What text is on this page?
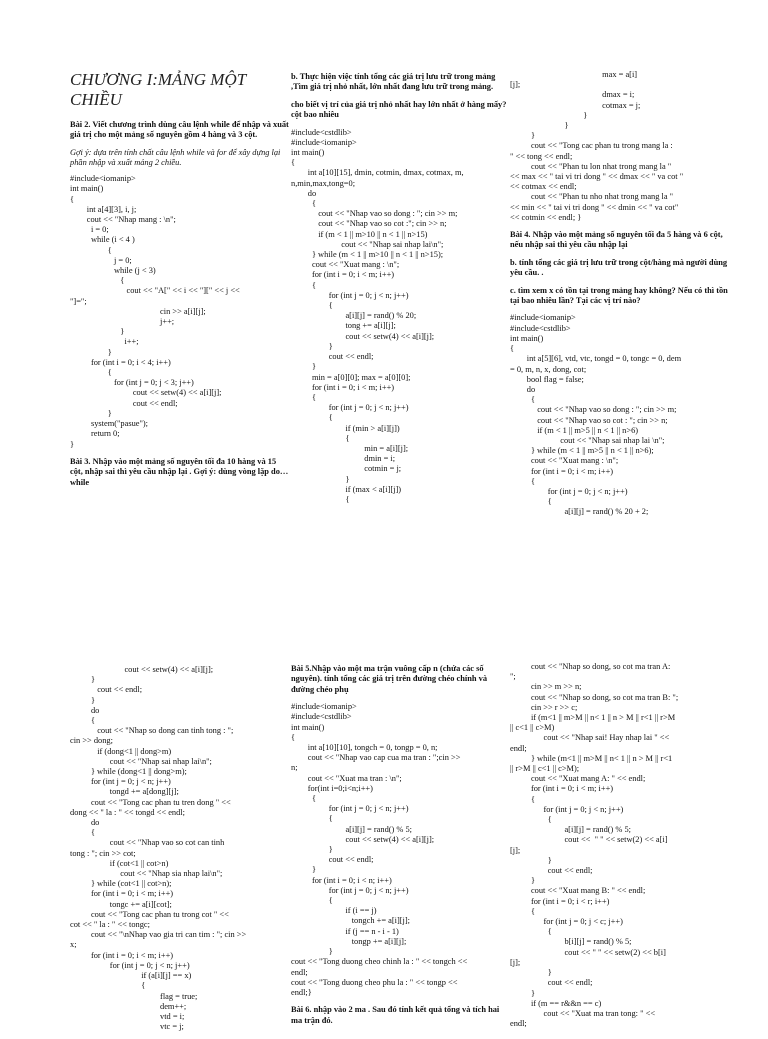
CHƯƠNG I:MẢNG MỘT CHIỀU
Bài 2. Viết chương trình dùng câu lệnh while để nhập và xuất giá trị cho một mảng số nguyên gồm 4 hàng và 3 cột.
Gợi ý: dựa trên tính chất câu lệnh while và for để xây dựng lại phần nhập và xuất mảng 2 chiều.
#include<iomanip>
int main()
{
int a[4][3], i, j;
cout << "Nhap mang : \n";
i = 0;
while (i < 4 )
{
j = 0;
while (j < 3)
{
cout << "A[" << i << "][" << j <<
"]=";
cin >> a[i][j];
j++;
}
i++;
}
for (int i = 0; i < 4; i++)
{
for (int j = 0; j < 3; j++)
cout << setw(4) << a[i][j];
cout << endl;
}
system("pasue");
return 0;
}
Bài 3. Nhập vào một mảng số nguyên tối đa 10 hàng và 15 cột, nhập sai thì yêu cầu nhập lại . Gợi ý: dùng vòng lặp do…while
b. Thực hiện việc tính tổng các giá trị lưu trữ trong mảng ,Tìm giá trị nhỏ nhất, lớn nhất đang lưu trữ trong mảng.
cho biết vị trí của giá trị nhỏ nhất hay lớn nhất ở hàng mấy? cột bao nhiêu
#include<cstdlib>
#include<iomanip>
int main()
{
int a[10][15], dmin, cotmin, dmax, cotmax, m,
n,min,max,tong=0;
do
{
cout << "Nhap vao so dong : "; cin >> m;
cout << "Nhap vao so cot :"; cin >> n;
if (m < 1 || m>10 || n < 1 || n>15)
cout << "Nhap sai nhap lai\n";
} while (m < 1 || m>10 || n < 1 || n>15);
cout << "Xuat mang : \n";
for (int i = 0; i < m; i++)
{
for (int j = 0; j < n; j++)
{
a[i][j] = rand() % 20;
tong += a[i][j];
cout << setw(4) << a[i][j];
}
cout << endl;
}
min = a[0][0]; max = a[0][0];
for (int i = 0; i < m; i++)
{
for (int j = 0; j < n; j++)
{
if (min > a[i][j])
{
min = a[i][j];
dmin = i;
cotmin = j;
}
if (max < a[i][j])
{
max = a[i]
[j];
dmax = i;
cotmax = j;
}
}
}
cout << "Tong cac phan tu trong mang la :
" << tong << endl;
cout << "Phan tu lon nhat trong mang la "
<< max << " tai vi tri dong " << dmax << " va cot "
<< cotmax << endl;
cout << "Phan tu nho nhat trong mang la "
<< min << " tai vi tri dong " << dmin << " va cot"
<< cotmin << endl; }
Bài 4. Nhập vào một mảng số nguyên tối đa 5 hàng và 6 cột, nếu nhập sai thì yêu cầu nhập lại
b. tính tổng các giá trị lưu trữ trong cột/hàng mà người dùng yêu cầu. .
c. tìm xem x có tồn tại trong mảng hay không? Nếu có thì tồn tại bao nhiêu lần? Tại các vị trí nào?
#include<iomanip>
#include<cstdlib>
int main()
{
int a[5][6], vtd, vtc, tongd = 0, tongc = 0, dem
= 0, m, n, x, dong, cot;
bool flag = false;
do
{
cout << "Nhap vao so dong : "; cin >> m;
cout << "Nhap vao so cot : "; cin >> n;
if (m < 1 || m>5 || n < 1 || n>6)
cout << "Nhap sai nhap lai \n";
} while (m < 1 || m>5 || n < 1 || n>6);
cout << "Xuat mang : \n";
for (int i = 0; i < m; i++)
{
for (int j = 0; j < n; j++)
{
a[i][j] = rand() % 20 + 2;
cout << setw(4) << a[i][j];
}
cout << endl;
}
do
{
cout << "Nhap so dong can tinh tong : ";
cin >> dong;
if (dong<1 || dong>m)
cout << "Nhap sai nhap lai\n";
} while (dong<1 || dong>m);
for (int j = 0; j < n; j++)
tongd += a[dong][j];
cout << "Tong cac phan tu tren dong " <<
dong << " la : " << tongd << endl;
do
{
cout << "Nhap vao so cot can tinh
tong : "; cin >> cot;
if (cot<1 || cot>n)
cout << "Nhap sia nhap lai\n";
} while (cot<1 || cot>n);
for (int i = 0; i < m; i++)
tongc += a[i][cot];
cout << "Tong cac phan tu trong cot " <<
cot << " la : " << tongc;
cout << "\nNhap vao gia tri can tim : "; cin >>
x;
for (int i = 0; i < m; i++)
for (int j = 0; j < n; j++)
if (a[i][j] == x)
{
flag = true;
dem++;
vtd = i;
vtc = j;
Bài 5.Nhập vào một ma trận vuông cấp n (chứa các số nguyên). tính tổng các giá trị trên đường chéo chính và đường chéo phụ
#include<iomanip>
#include<cstdlib>
int main()
{
int a[10][10], tongch = 0, tongp = 0, n;
cout << "Nhap vao cap cua ma tran : ";cin >>
n;
cout << "Xuat ma tran : \n";
for(int i=0;i<n;i++)
{
for (int j = 0; j < n; j++)
{
a[i][j] = rand() % 5;
cout << setw(4) << a[i][j];
}
cout << endl;
}
for (int i = 0; i < n; i++)
for (int j = 0; j < n; j++)
{
if (i == j)
tongch += a[i][j];
if (j == n - i - 1)
tongp += a[i][j];
}
cout << "Tong duong cheo chinh la : " << tongch <<
endl;
cout << "Tong duong cheo phu la : " << tongp <<
endl;}
Bài 6. nhập vào 2 ma . Sau đó tính kết quả tổng và tích hai ma trận đó.
cout << "Nhap so dong, so cot ma tran A:
";
cin >> m >> n;
cout << "Nhap so dong, so cot ma tran B: ";
cin >> r >> c;
if (m<1 || m>M || n< 1 || n > M || r<1 || r>M
|| c<1 || c>M)
cout << "Nhap sai! Hay nhap lai " <<
endl;
} while (m<1 || m>M || n< 1 || n > M || r<1
|| r>M || c<1 || c>M);
cout << "Xuat mang A: " << endl;
for (int i = 0; i < m; i++)
{
for (int j = 0; j < n; j++)
{
a[i][j] = rand() % 5;
cout <<  " " << setw(2) << a[i]
[j];
}
cout << endl;
}
cout << "Xuat mang B: " << endl;
for (int i = 0; i < r; i++)
{
for (int j = 0; j < c; j++)
{
b[i][j] = rand() % 5;
cout << " " << setw(2) << b[i]
[j];
}
cout << endl;
}
if (m == r&&n == c)
cout << "Xuat ma tran tong: " <<
endl;
